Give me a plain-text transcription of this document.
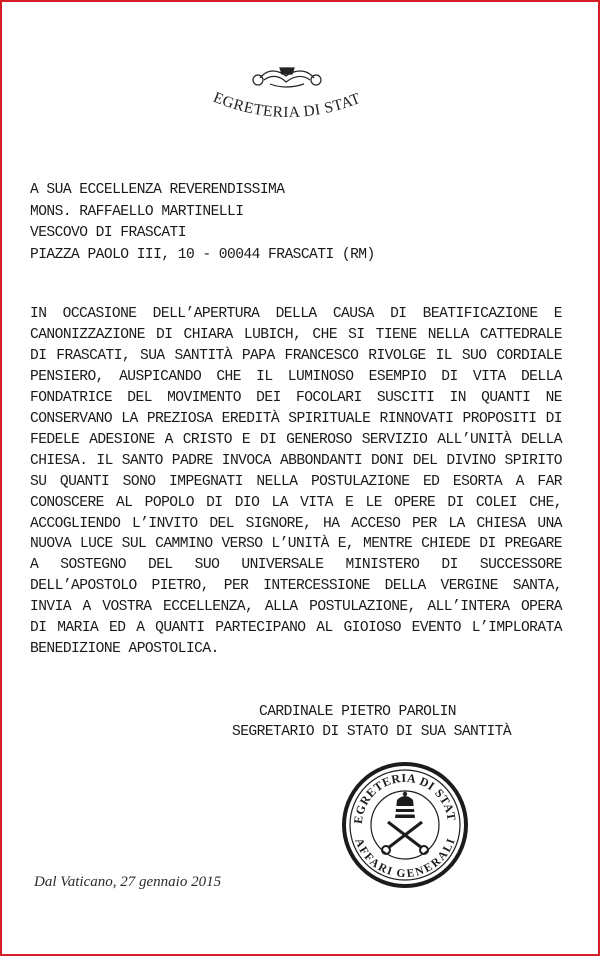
EGRETERIA DI STAT
A SUA ECCELLENZA REVERENDISSIMA
MONS. RAFFAELLO MARTINELLI
VESCOVO DI FRASCATI
PIAZZA PAOLO III, 10 - 00044 FRASCATI (RM)
IN OCCASIONE DELL’APERTURA DELLA CAUSA DI BEATIFICAZIONE E CANONIZZAZIONE DI CHIARA LUBICH, CHE SI TIENE NELLA CATTEDRALE DI FRASCATI, SUA SANTITÀ PAPA FRANCESCO RIVOLGE IL SUO CORDIALE PENSIERO, AUSPICANDO CHE IL LUMINOSO ESEMPIO DI VITA DELLA FONDATRICE DEL MOVIMENTO DEI FOCOLARI SUSCITI IN QUANTI NE CONSERVANO LA PREZIOSA EREDITÀ SPIRITUALE RINNOVATI PROPOSITI DI FEDELE ADESIONE A CRISTO E DI GENEROSO SERVIZIO ALL’UNITÀ DELLA CHIESA. IL SANTO PADRE INVOCA ABBONDANTI DONI DEL DIVINO SPIRITO SU QUANTI SONO IMPEGNATI NELLA POSTULAZIONE ED ESORTA A FAR CONOSCERE AL POPOLO DI DIO LA VITA E LE OPERE DI COLEI CHE, ACCOGLIENDO L’INVITO DEL SIGNORE, HA ACCESO PER LA CHIESA UNA NUOVA LUCE SUL CAMMINO VERSO L’UNITÀ E, MENTRE CHIEDE DI PREGARE A SOSTEGNO DEL SUO UNIVERSALE MINISTERO DI SUCCESSORE DELL’APOSTOLO PIETRO, PER INTERCESSIONE DELLA VERGINE SANTA, INVIA A VOSTRA ECCELLENZA, ALLA POSTULAZIONE, ALL’INTERA OPERA DI MARIA ED A QUANTI PARTECIPANO AL GIOIOSO EVENTO L’IMPLORATA BENEDIZIONE APOSTOLICA.
CARDINALE PIETRO PAROLIN
SEGRETARIO DI STATO DI SUA SANTITÀ
EGRETERIA DI STAT
AFFARI GENERALI
Dal Vaticano, 27 gennaio 2015
